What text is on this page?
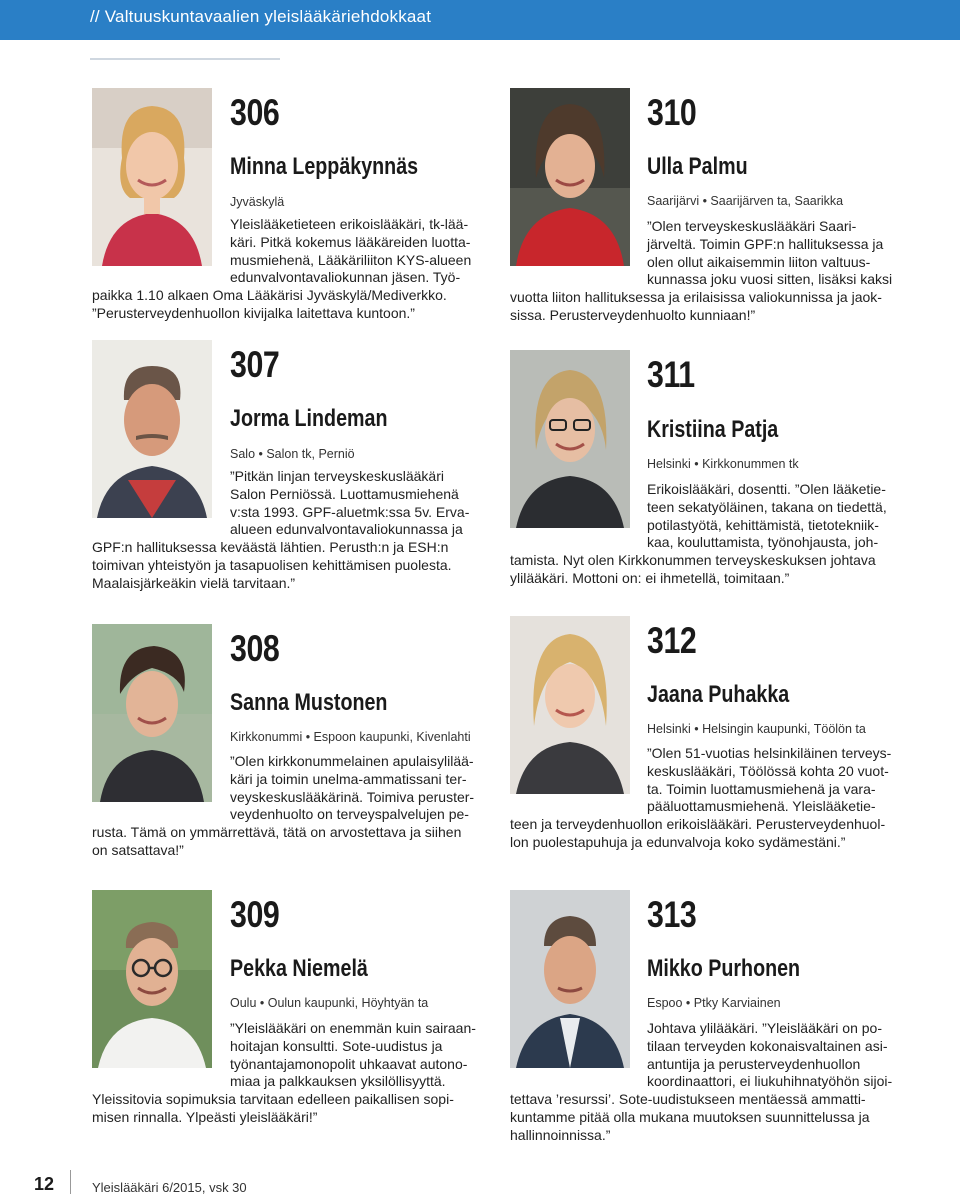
// Valtuuskuntavaalien yleislääkäriehdokkaat
306
Minna Leppäkynnäs
Jyväskylä

Yleislääketieteen erikoislääkäri, tk-lää-

käri. Pitkä kokemus lääkäreiden luotta-

musmiehenä, Lääkäriliiton KYS-alueen

edunvalvontavaliokunnan jäsen. Työ-

paikka 1.10 alkaen Oma Lääkärisi Jyväskylä/Mediverkko.

”Perusterveydenhuollon kivijalka laitettava kuntoon.”

307
Jorma Lindeman
Salo • Salon tk, Perniö

”Pitkän linjan terveyskeskuslääkäri

Salon Perniössä. Luottamusmiehenä

v:sta 1993. GPF-aluetmk:ssa 5v. Erva-

alueen edunvalvontavaliokunnassa ja

GPF:n hallituksessa keväästä lähtien. Perusth:n ja ESH:n

toimivan yhteistyön ja tasapuolisen kehittämisen puolesta.

Maalaisjärkeäkin vielä tarvitaan.”

308
Sanna Mustonen
Kirkkonummi • Espoon kaupunki, Kivenlahti

”Olen kirkkonummelainen apulaisylilää-

käri ja toimin unelma-ammatissani ter-

veyskeskuslääkärinä. Toimiva peruster-

veydenhuolto on terveyspalvelujen pe-

rusta. Tämä on ymmärrettävä, tätä on arvostettava ja siihen

on satsattava!”

309
Pekka Niemelä
Oulu • Oulun kaupunki, Höyhtyän ta

”Yleislääkäri on enemmän kuin sairaan-

hoitajan konsultti. Sote-uudistus ja

työnantajamonopolit uhkaavat autono-

miaa ja palkkauksen yksilöllisyyttä.

Yleissitovia sopimuksia tarvitaan edelleen paikallisen sopi-

misen rinnalla. Ylpeästi yleislääkäri!”

310
Ulla Palmu
Saarijärvi • Saarijärven ta, Saarikka

”Olen terveyskeskuslääkäri Saari-

järveltä. Toimin GPF:n hallituksessa ja

olen ollut aikaisemmin liiton valtuus-

kunnassa joku vuosi sitten, lisäksi kaksi

vuotta liiton hallituksessa ja erilaisissa valiokunnissa ja jaok-

sissa. Perusterveydenhuolto kunniaan!”

311
Kristiina Patja
Helsinki • Kirkkonummen tk

Erikoislääkäri, dosentti. ”Olen lääketie-

teen sekatyöläinen, takana on tiedettä,

potilastyötä, kehittämistä, tietotekniik-

kaa, kouluttamista, työnohjausta, joh-

tamista. Nyt olen Kirkkonummen terveyskeskuksen johtava

ylilääkäri. Mottoni on: ei ihmetellä, toimitaan.”

312
Jaana Puhakka
Helsinki • Helsingin kaupunki, Töölön ta

”Olen 51-vuotias helsinkiläinen terveys-

keskuslääkäri, Töölössä kohta 20 vuot-

ta. Toimin luottamusmiehenä ja vara-

pääluottamusmiehenä. Yleislääketie-

teen ja terveydenhuollon erikoislääkäri. Perusterveydenhuol-

lon puolestapuhuja ja edunvalvoja koko sydämestäni.”

313
Mikko Purhonen
Espoo • Ptky Karviainen

Johtava ylilääkäri. ”Yleislääkäri on po-

tilaan terveyden kokonaisvaltainen asi-

antuntija ja perusterveydenhuollon

koordinaattori, ei liukuhihnatyöhön sijoi-

tettava ’resurssi’. Sote-uudistukseen mentäessä ammatti-

kuntamme pitää olla mukana muutoksen suunnittelussa ja

hallinnoinnissa.”

12	Yleislääkäri 6/2015, vsk 30
